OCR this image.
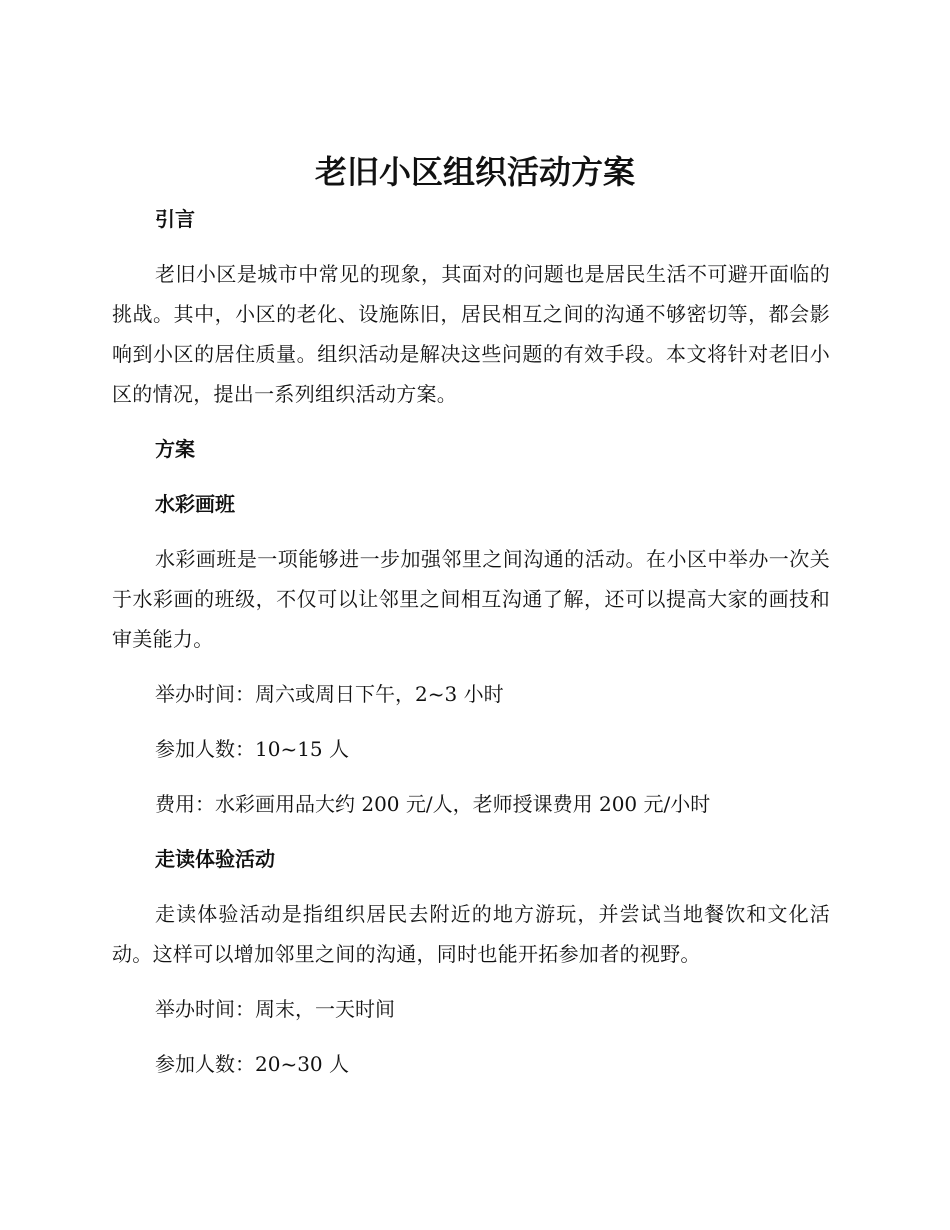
老旧小区组织活动方案

引言

老旧小区是城市中常见的现象，其面对的问题也是居民生活不可避开面临的挑战。其中，小区的老化、设施陈旧，居民相互之间的沟通不够密切等，都会影响到小区的居住质量。组织活动是解决这些问题的有效手段。本文将针对老旧小区的情况，提出一系列组织活动方案。

方案

水彩画班

水彩画班是一项能够进一步加强邻里之间沟通的活动。在小区中举办一次关于水彩画的班级，不仅可以让邻里之间相互沟通了解，还可以提高大家的画技和审美能力。

举办时间：周六或周日下午，2~3 小时

参加人数：10~15 人

费用：水彩画用品大约 200 元/人，老师授课费用 200 元/小时

走读体验活动

走读体验活动是指组织居民去附近的地方游玩，并尝试当地餐饮和文化活动。这样可以增加邻里之间的沟通，同时也能开拓参加者的视野。

举办时间：周末，一天时间

参加人数：20~30 人
